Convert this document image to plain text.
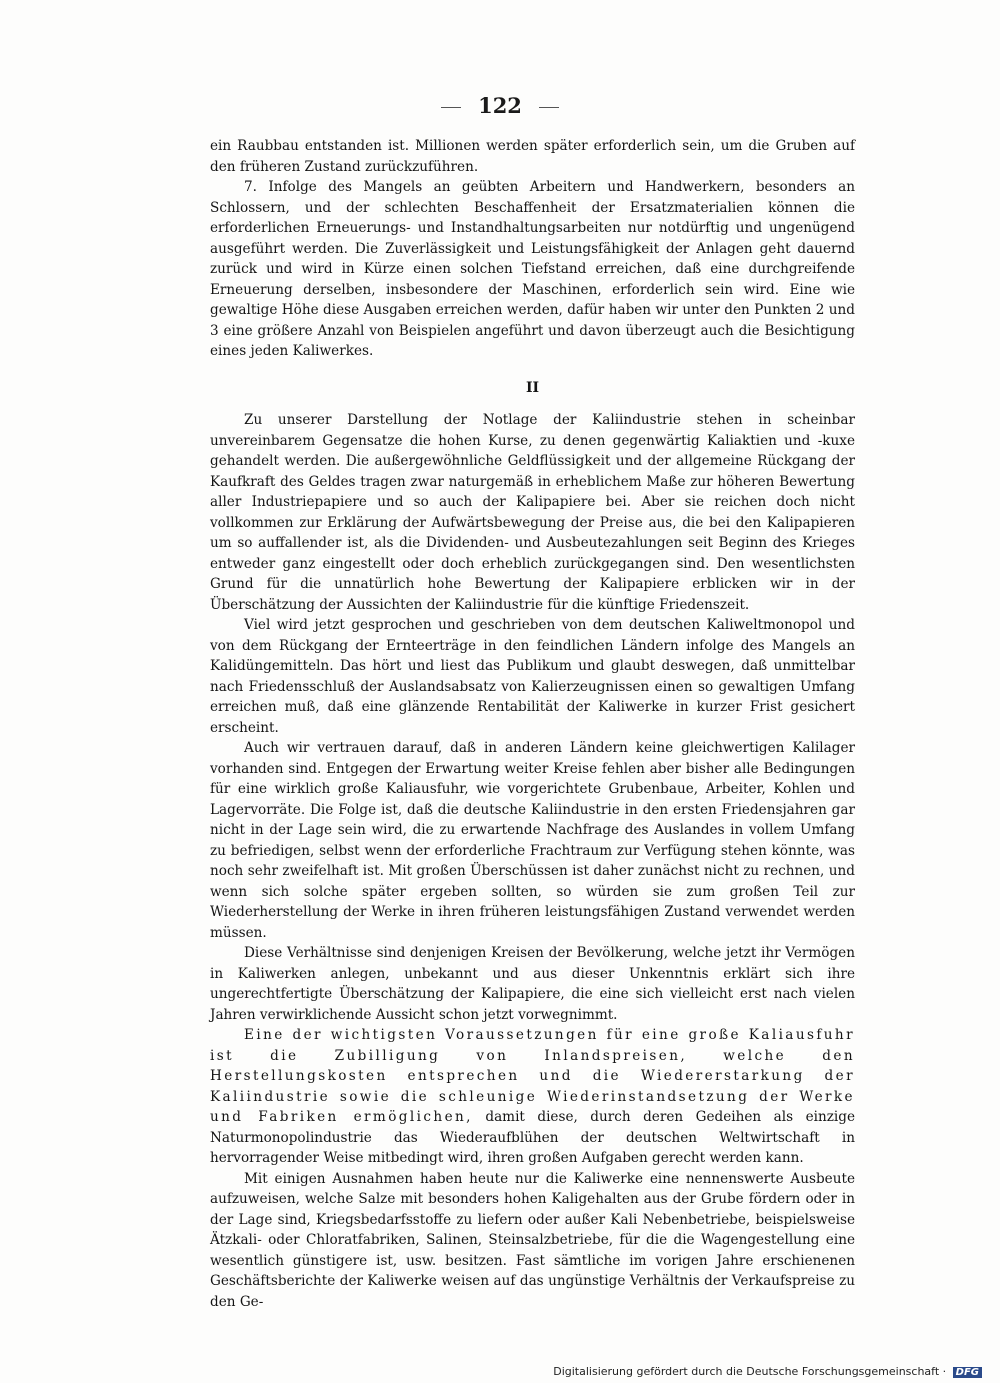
122

ein Raubbau entstanden ist. Millionen werden später erforderlich sein, um die Gruben auf den früheren Zustand zurückzuführen.

7. Infolge des Mangels an geübten Arbeitern und Handwerkern, besonders an Schlossern, und der schlechten Beschaffenheit der Ersatzmaterialien können die erforderlichen Erneuerungs- und Instandhaltungsarbeiten nur notdürftig und ungenügend ausgeführt werden. Die Zuverlässigkeit und Leistungsfähigkeit der Anlagen geht dauernd zurück und wird in Kürze einen solchen Tiefstand erreichen, daß eine durchgreifende Erneuerung derselben, insbesondere der Maschinen, erforderlich sein wird. Eine wie gewaltige Höhe diese Ausgaben erreichen werden, dafür haben wir unter den Punkten 2 und 3 eine größere Anzahl von Beispielen angeführt und davon überzeugt auch die Besichtigung eines jeden Kaliwerkes.

II

Zu unserer Darstellung der Notlage der Kaliindustrie stehen in scheinbar unvereinbarem Gegensatze die hohen Kurse, zu denen gegenwärtig Kaliaktien und -kuxe gehandelt werden. Die außergewöhnliche Geldflüssigkeit und der allgemeine Rückgang der Kaufkraft des Geldes tragen zwar naturgemäß in erheblichem Maße zur höheren Bewertung aller Industriepapiere und so auch der Kalipapiere bei. Aber sie reichen doch nicht vollkommen zur Erklärung der Aufwärtsbewegung der Preise aus, die bei den Kalipapieren um so auffallender ist, als die Dividenden- und Ausbeutezahlungen seit Beginn des Krieges entweder ganz eingestellt oder doch erheblich zurückgegangen sind. Den wesentlichsten Grund für die unnatürlich hohe Bewertung der Kalipapiere erblicken wir in der Überschätzung der Aussichten der Kaliindustrie für die künftige Friedenszeit.

Viel wird jetzt gesprochen und geschrieben von dem deutschen Kaliweltmonopol und von dem Rückgang der Ernteerträge in den feindlichen Ländern infolge des Mangels an Kalidüngemitteln. Das hört und liest das Publikum und glaubt deswegen, daß unmittelbar nach Friedensschluß der Auslandsabsatz von Kalierzeugnissen einen so gewaltigen Umfang erreichen muß, daß eine glänzende Rentabilität der Kaliwerke in kurzer Frist gesichert erscheint.

Auch wir vertrauen darauf, daß in anderen Ländern keine gleichwertigen Kalilager vorhanden sind. Entgegen der Erwartung weiter Kreise fehlen aber bisher alle Bedingungen für eine wirklich große Kaliausfuhr, wie vorgerichtete Grubenbaue, Arbeiter, Kohlen und Lagervorräte. Die Folge ist, daß die deutsche Kaliindustrie in den ersten Friedensjahren gar nicht in der Lage sein wird, die zu erwartende Nachfrage des Auslandes in vollem Umfang zu befriedigen, selbst wenn der erforderliche Frachtraum zur Verfügung stehen könnte, was noch sehr zweifelhaft ist. Mit großen Überschüssen ist daher zunächst nicht zu rechnen, und wenn sich solche später ergeben sollten, so würden sie zum großen Teil zur Wiederherstellung der Werke in ihren früheren leistungsfähigen Zustand verwendet werden müssen.

Diese Verhältnisse sind denjenigen Kreisen der Bevölkerung, welche jetzt ihr Vermögen in Kaliwerken anlegen, unbekannt und aus dieser Unkenntnis erklärt sich ihre ungerechtfertigte Überschätzung der Kalipapiere, die eine sich vielleicht erst nach vielen Jahren verwirklichende Aussicht schon jetzt vorwegnimmt.

Eine der wichtigsten Voraussetzungen für eine große Kaliausfuhr ist die Zubilligung von Inlandspreisen, welche den Herstellungskosten entsprechen und die Wiedererstarkung der Kaliindustrie sowie die schleunige Wiederinstandsetzung der Werke und Fabriken ermöglichen, damit diese, durch deren Gedeihen als einzige Naturmonopolindustrie das Wiederaufblühen der deutschen Weltwirtschaft in hervorragender Weise mitbedingt wird, ihren großen Aufgaben gerecht werden kann.

Mit einigen Ausnahmen haben heute nur die Kaliwerke eine nennenswerte Ausbeute aufzuweisen, welche Salze mit besonders hohen Kaligehalten aus der Grube fördern oder in der Lage sind, Kriegsbedarfsstoffe zu liefern oder außer Kali Nebenbetriebe, beispielsweise Ätzkali- oder Chloratfabriken, Salinen, Steinsalzbetriebe, für die die Wagengestellung eine wesentlich günstigere ist, usw. besitzen. Fast sämtliche im vorigen Jahre erschienenen Geschäftsberichte der Kaliwerke weisen auf das ungünstige Verhältnis der Verkaufspreise zu den Ge-

Digitalisierung gefördert durch die Deutsche Forschungsgemeinschaft · DFG
